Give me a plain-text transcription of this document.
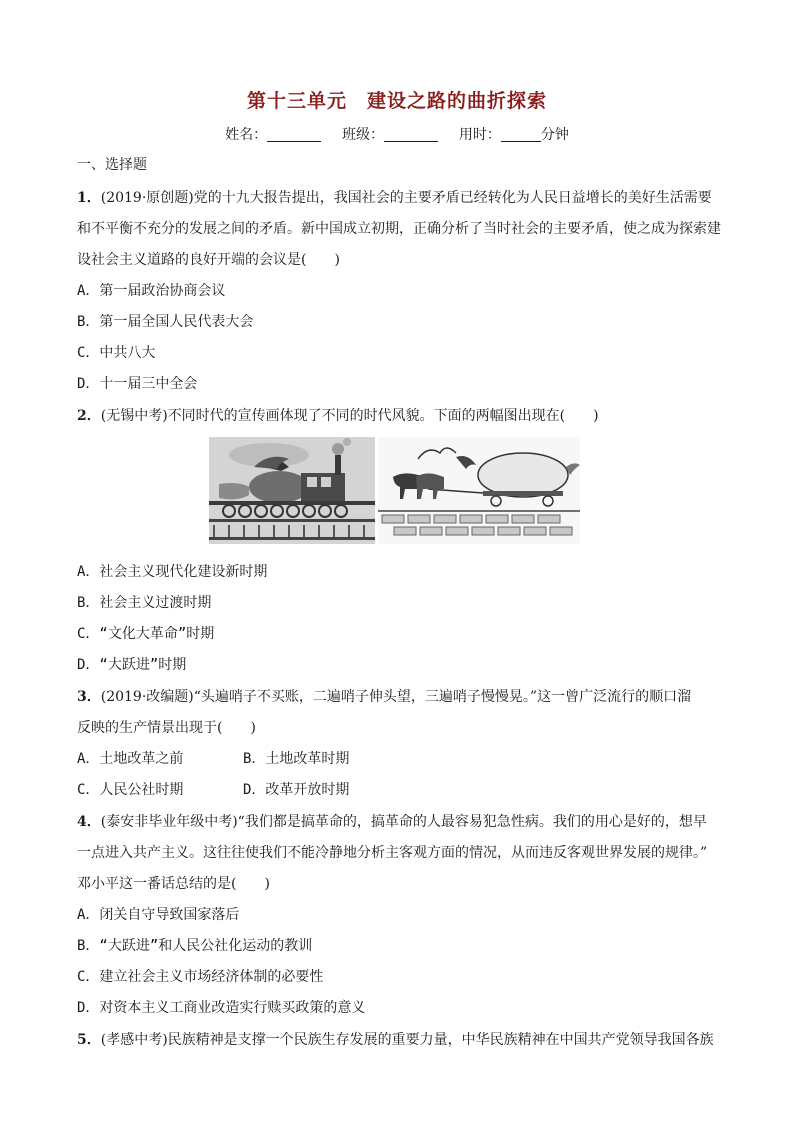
第十三单元　建设之路的曲折探索
姓名：	班级：	用时：	分钟
一、选择题
1．(2019·原创题)党的十九大报告提出，我国社会的主要矛盾已经转化为人民日益增长的美好生活需要
和不平衡不充分的发展之间的矛盾。新中国成立初期，正确分析了当时社会的主要矛盾，使之成为探索建
设社会主义道路的良好开端的会议是(　　)
A．第一届政治协商会议
B．第一届全国人民代表大会
C．中共八大
D．十一届三中全会
2．(无锡中考)不同时代的宣传画体现了不同的时代风貌。下面的两幅图出现在(　　)
A．社会主义现代化建设新时期
B．社会主义过渡时期
C．“文化大革命”时期
D．“大跃进”时期
3．(2019·改编题)“头遍哨子不买账，二遍哨子伸头望，三遍哨子慢慢晃。”这一曾广泛流行的顺口溜
反映的生产情景出现于(　　)
A．土地改革之前	B．土地改革时期
C．人民公社时期	D．改革开放时期
4．(泰安非毕业年级中考)“我们都是搞革命的，搞革命的人最容易犯急性病。我们的用心是好的，想早
一点进入共产主义。这往往使我们不能冷静地分析主客观方面的情况，从而违反客观世界发展的规律。”
邓小平这一番话总结的是(　　)
A．闭关自守导致国家落后
B．“大跃进”和人民公社化运动的教训
C．建立社会主义市场经济体制的必要性
D．对资本主义工商业改造实行赎买政策的意义
5．(孝感中考)民族精神是支撑一个民族生存发展的重要力量，中华民族精神在中国共产党领导我国各族
